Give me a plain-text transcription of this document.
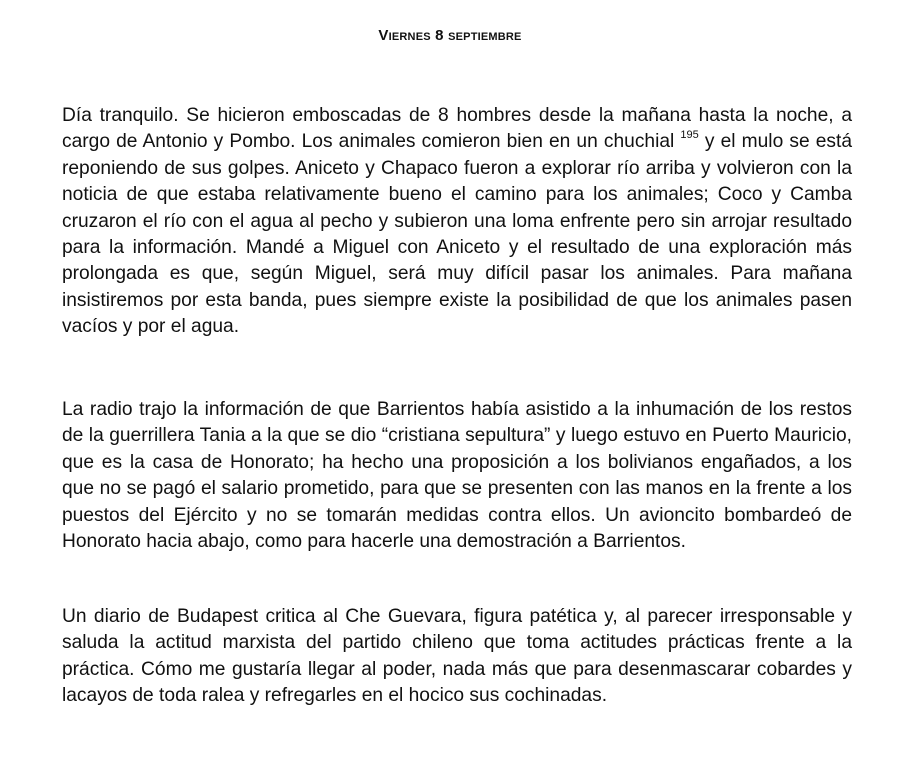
Viernes 8 septiembre

Día tranquilo. Se hicieron emboscadas de 8 hombres desde la mañana hasta la noche, a cargo de Antonio y Pombo. Los animales comieron bien en un chuchial $^{195}$ y el mulo se está reponiendo de sus golpes. Aniceto y Chapaco fueron a explorar río arriba y volvieron con la noticia de que estaba relativamente bueno el camino para los animales; Coco y Camba cruzaron el río con el agua al pecho y subieron una loma enfrente pero sin arrojar resultado para la información. Mandé a Miguel con Aniceto y el resultado de una exploración más prolongada es que, según Miguel, será muy difícil pasar los animales. Para mañana insistiremos por esta banda, pues siempre existe la posibilidad de que los animales pasen vacíos y por el agua.

La radio trajo la información de que Barrientos había asistido a la inhumación de los restos de la guerrillera Tania a la que se dio “cristiana sepultura” y luego estuvo en Puerto Mauricio, que es la casa de Honorato; ha hecho una proposición a los bolivianos engañados, a los que no se pagó el salario prometido, para que se presenten con las manos en la frente a los puestos del Ejército y no se tomarán medidas contra ellos. Un avioncito bombardeó de Honorato hacia abajo, como para hacerle una demostración a Barrientos.

Un diario de Budapest critica al Che Guevara, figura patética y, al parecer irresponsable y saluda la actitud marxista del partido chileno que toma actitudes prácticas frente a la práctica. Cómo me gustaría llegar al poder, nada más que para desenmascarar cobardes y lacayos de toda ralea y refregarles en el hocico sus cochinadas.
